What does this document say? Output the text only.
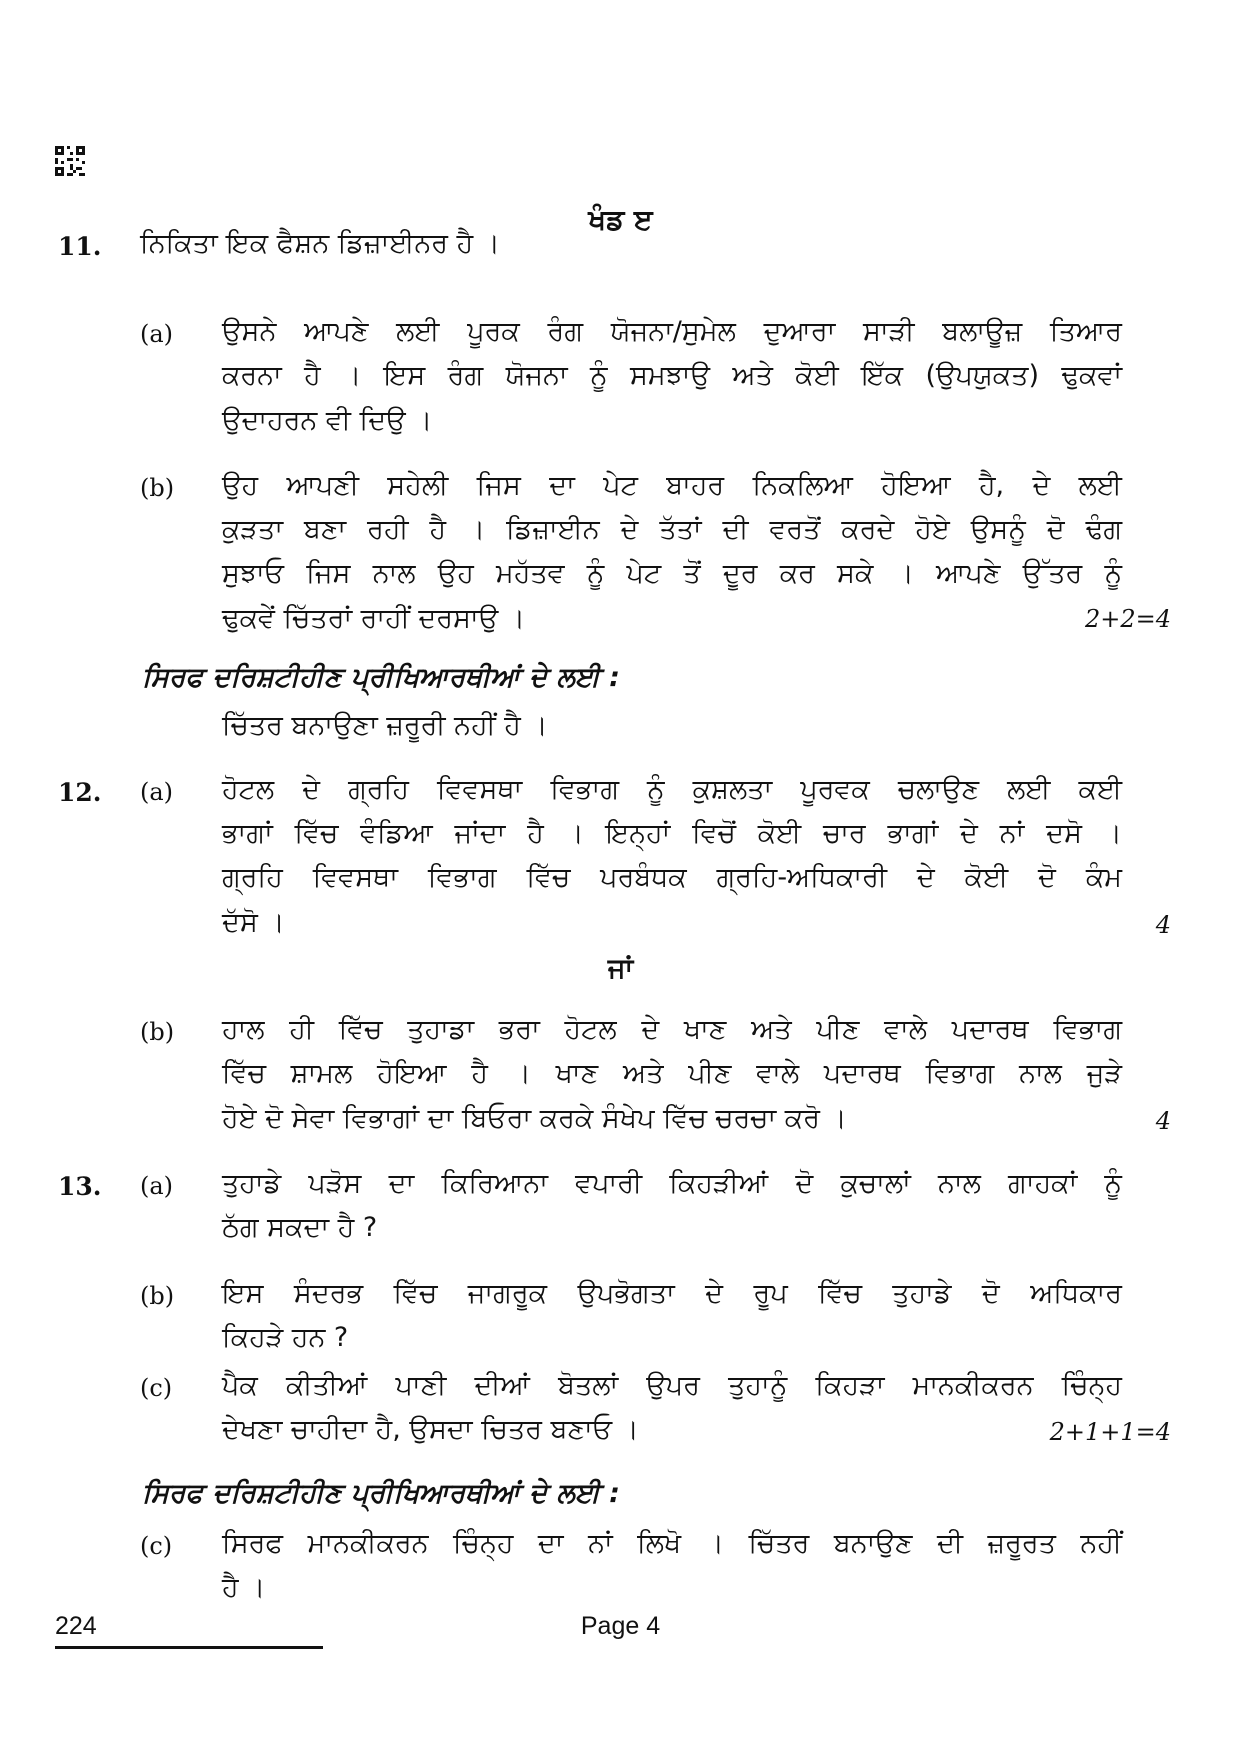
ਖੰਡ ੲ
11. ਨਿਕਿਤਾ ਇਕ ਫੈਸ਼ਨ ਡਿਜ਼ਾਈਨਰ ਹੈ ।
(a) ਉਸਨੇ ਆਪਣੇ ਲਈ ਪੂਰਕ ਰੰਗ ਯੋਜਨਾ/ਸੁਮੇਲ ਦੁਆਰਾ ਸਾੜੀ ਬਲਾਊਜ਼ ਤਿਆਰ
ਕਰਨਾ ਹੈ । ਇਸ ਰੰਗ ਯੋਜਨਾ ਨੂੰ ਸਮਝਾਉ ਅਤੇ ਕੋਈ ਇੱਕ (ਉਪਯੁਕਤ) ਢੁਕਵਾਂ
ਉਦਾਹਰਨ ਵੀ ਦਿਉ ।
(b) ਉਹ ਆਪਣੀ ਸਹੇਲੀ ਜਿਸ ਦਾ ਪੇਟ ਬਾਹਰ ਨਿਕਲਿਆ ਹੋਇਆ ਹੈ, ਦੇ ਲਈ
ਕੁੜਤਾ ਬਣਾ ਰਹੀ ਹੈ । ਡਿਜ਼ਾਈਨ ਦੇ ਤੱਤਾਂ ਦੀ ਵਰਤੋਂ ਕਰਦੇ ਹੋਏ ਉਸਨੂੰ ਦੋ ਢੰਗ
ਸੁਝਾਓ ਜਿਸ ਨਾਲ ਉਹ ਮਹੱਤਵ ਨੂੰ ਪੇਟ ਤੋਂ ਦੂਰ ਕਰ ਸਕੇ । ਆਪਣੇ ਉੱਤਰ ਨੂੰ
ਢੁਕਵੇਂ ਚਿੱਤਰਾਂ ਰਾਹੀਂ ਦਰਸਾਉ ।	2+2=4
ਸਿਰਫ ਦਰਿਸ਼ਟੀਹੀਣ ਪ੍ਰੀਖਿਆਰਥੀਆਂ ਦੇ ਲਈ :
ਚਿੱਤਰ ਬਨਾਉਣਾ ਜ਼ਰੂਰੀ ਨਹੀਂ ਹੈ ।
12. (a) ਹੋਟਲ ਦੇ ਗ੍ਰਹਿ ਵਿਵਸਥਾ ਵਿਭਾਗ ਨੂੰ ਕੁਸ਼ਲਤਾ ਪੂਰਵਕ ਚਲਾਉਣ ਲਈ ਕਈ
ਭਾਗਾਂ ਵਿੱਚ ਵੰਡਿਆ ਜਾਂਦਾ ਹੈ । ਇਨ੍ਹਾਂ ਵਿਚੋਂ ਕੋਈ ਚਾਰ ਭਾਗਾਂ ਦੇ ਨਾਂ ਦਸੋ ।
ਗ੍ਰਹਿ ਵਿਵਸਥਾ ਵਿਭਾਗ ਵਿੱਚ ਪਰਬੰਧਕ ਗ੍ਰਹਿ-ਅਧਿਕਾਰੀ ਦੇ ਕੋਈ ਦੋ ਕੰਮ
ਦੱਸੋ ।	4
ਜਾਂ
(b) ਹਾਲ ਹੀ ਵਿੱਚ ਤੁਹਾਡਾ ਭਰਾ ਹੋਟਲ ਦੇ ਖਾਣ ਅਤੇ ਪੀਣ ਵਾਲੇ ਪਦਾਰਥ ਵਿਭਾਗ
ਵਿੱਚ ਸ਼ਾਮਲ ਹੋਇਆ ਹੈ । ਖਾਣ ਅਤੇ ਪੀਣ ਵਾਲੇ ਪਦਾਰਥ ਵਿਭਾਗ ਨਾਲ ਜੁੜੇ
ਹੋਏ ਦੋ ਸੇਵਾ ਵਿਭਾਗਾਂ ਦਾ ਬਿਓਰਾ ਕਰਕੇ ਸੰਖੇਪ ਵਿੱਚ ਚਰਚਾ ਕਰੋ ।	4
13. (a) ਤੁਹਾਡੇ ਪੜੋਸ ਦਾ ਕਿਰਿਆਨਾ ਵਪਾਰੀ ਕਿਹੜੀਆਂ ਦੋ ਕੁਚਾਲਾਂ ਨਾਲ ਗਾਹਕਾਂ ਨੂੰ
ਠੱਗ ਸਕਦਾ ਹੈ ?
(b) ਇਸ ਸੰਦਰਭ ਵਿੱਚ ਜਾਗਰੂਕ ਉਪਭੋਗਤਾ ਦੇ ਰੂਪ ਵਿੱਚ ਤੁਹਾਡੇ ਦੋ ਅਧਿਕਾਰ
ਕਿਹੜੇ ਹਨ ?
(c) ਪੈਕ ਕੀਤੀਆਂ ਪਾਣੀ ਦੀਆਂ ਬੋਤਲਾਂ ਉਪਰ ਤੁਹਾਨੂੰ ਕਿਹੜਾ ਮਾਨਕੀਕਰਨ ਚਿੰਨ੍ਹ
ਦੇਖਣਾ ਚਾਹੀਦਾ ਹੈ, ਉਸਦਾ ਚਿਤਰ ਬਣਾਓ ।	2+1+1=4
ਸਿਰਫ ਦਰਿਸ਼ਟੀਹੀਣ ਪ੍ਰੀਖਿਆਰਥੀਆਂ ਦੇ ਲਈ :
(c) ਸਿਰਫ ਮਾਨਕੀਕਰਨ ਚਿੰਨ੍ਹ ਦਾ ਨਾਂ ਲਿਖੋ । ਚਿੱਤਰ ਬਨਾਉਣ ਦੀ ਜ਼ਰੂਰਤ ਨਹੀਂ
ਹੈ ।
224	Page 4
